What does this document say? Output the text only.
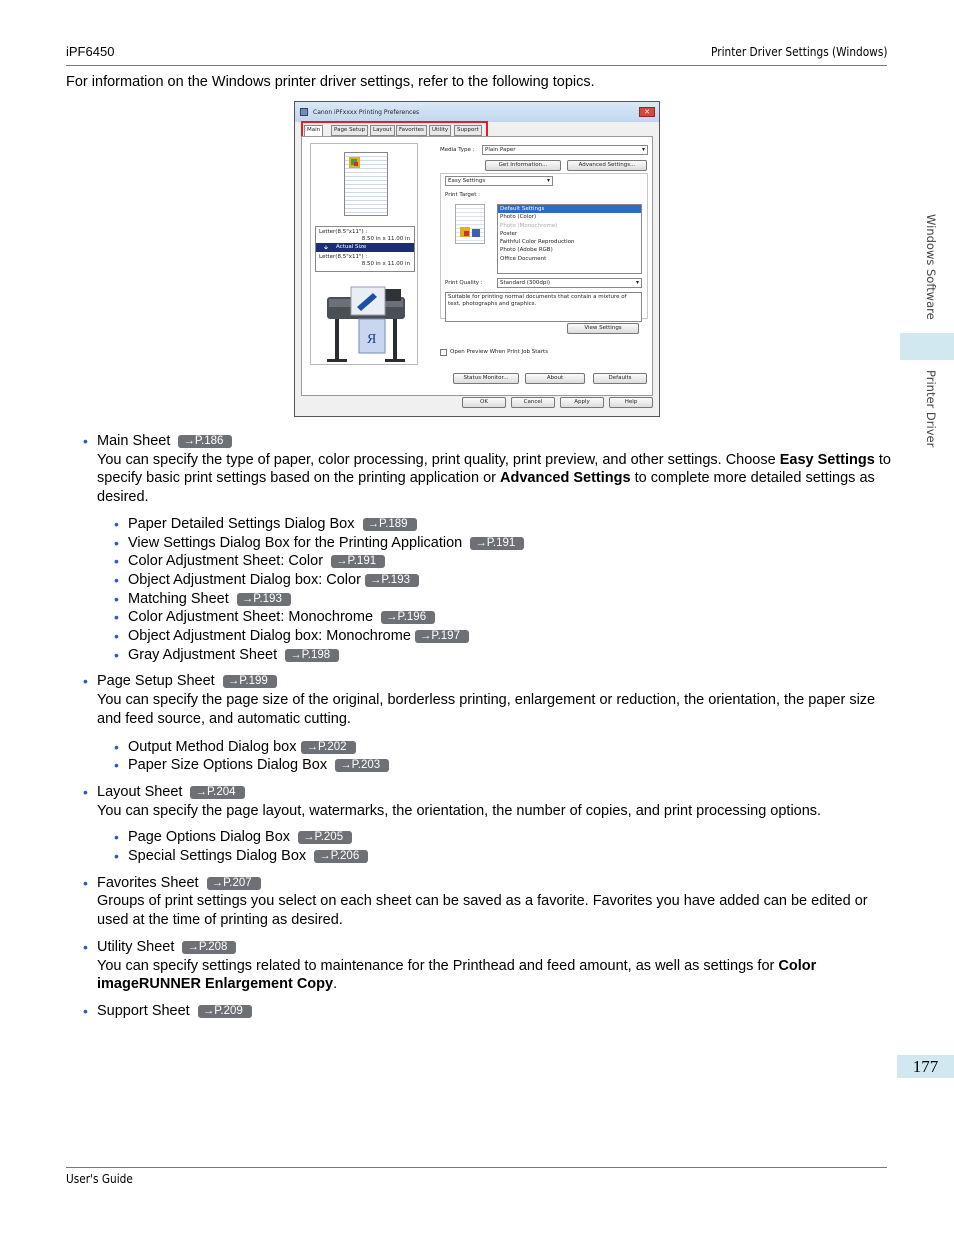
iPF6450	Printer Driver Settings (Windows)
For information on the Windows printer driver settings, refer to the following topics.
Canon iPFxxxx Printing Preferences	✕
Main	Page Setup	Layout	Favorites	Utility	Support
Letter(8.5"x11") :
8.50 in x 11.00 in
🡳 Actual Size
Letter(8.5"x11") :
8.50 in x 11.00 in
Я
Media Type :	Plain Paper ▾
Get Information...	Advanced Settings...
Easy Settings ▾
Print Target :
Default Settings
Photo (Color)
Photo (Monochrome)
Poster
Faithful Color Reproduction
Photo (Adobe RGB)
Office Document
Print Quality :	Standard (300dpi) ▾
Suitable for printing normal documents that contain a mixture of text, photographs and graphics.
View Settings
Open Preview When Print Job Starts
Status Monitor...	About	Defaults
OK	Cancel	Apply	Help
• Main Sheet →P.186
You can specify the type of paper, color processing, print quality, print preview, and other settings. Choose Easy Settings to specify basic print settings based on the printing application or Advanced Settings to complete more detailed settings as desired.
• Paper Detailed Settings Dialog Box →P.189
• View Settings Dialog Box for the Printing Application →P.191
• Color Adjustment Sheet: Color →P.191
• Object Adjustment Dialog box: Color →P.193
• Matching Sheet →P.193
• Color Adjustment Sheet: Monochrome →P.196
• Object Adjustment Dialog box: Monochrome →P.197
• Gray Adjustment Sheet →P.198
• Page Setup Sheet →P.199
You can specify the page size of the original, borderless printing, enlargement or reduction, the orientation, the paper size and feed source, and automatic cutting.
• Output Method Dialog box →P.202
• Paper Size Options Dialog Box →P.203
• Layout Sheet →P.204
You can specify the page layout, watermarks, the orientation, the number of copies, and print processing options.
• Page Options Dialog Box →P.205
• Special Settings Dialog Box →P.206
• Favorites Sheet →P.207
Groups of print settings you select on each sheet can be saved as a favorite. Favorites you have added can be edited or used at the time of printing as desired.
• Utility Sheet →P.208
You can specify settings related to maintenance for the Printhead and feed amount, as well as settings for Color imageRUNNER Enlargement Copy.
• Support Sheet →P.209
Windows Software
Printer Driver
177
User's Guide
